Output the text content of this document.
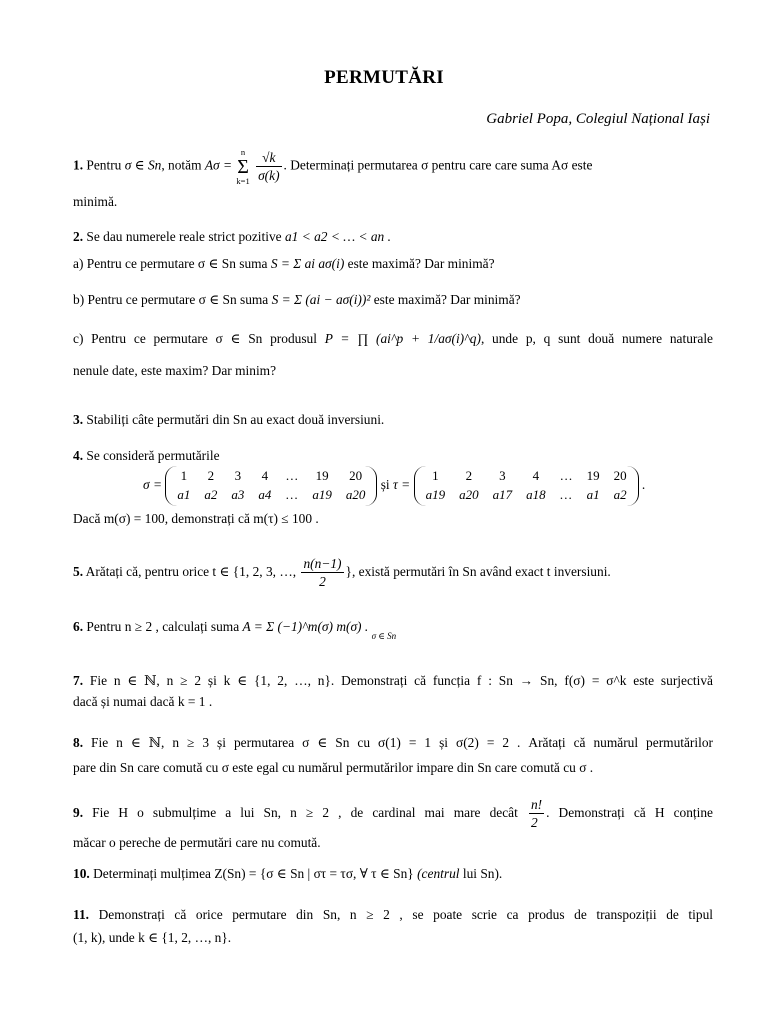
PERMUTĂRI
Gabriel Popa, Colegiul Național Iași
1. Pentru σ ∈ Sn, notăm Aσ =
n
Σ
k=1
$\frac{√k}{\sigma(k)}$ . Determinați permutarea σ pentru care care suma Aσ este
minimă.
2. Se dau numerele reale strict pozitive a1 < a2 < … < an .
a) Pentru ce permutare σ ∈ Sn suma S = Σ ai aσ(i) este maximă? Dar minimă?
b) Pentru ce permutare σ ∈ Sn suma S = Σ (ai − aσ(i))² este maximă? Dar minimă?
c) Pentru ce permutare σ ∈ Sn produsul P = ∏ (ai^p + 1/aσ(i)^q), unde p, q sunt două numere naturale
nenule date, este maxim? Dar minim?
3. Stabiliți câte permutări din Sn au exact două inversiuni.
4. Se consideră permutările
σ = 1	2	3	4	…	19	20
a1	a2	a3	a4	…	a19	a20 și τ = 1	2	3	4	…	19	20
a19	a20	a17	a18	…	a1	a2 .
Dacă m(σ) = 100, demonstrați că m(τ) ≤ 100 .
5. Arătați că, pentru orice t ∈ {1, 2, 3, …, $\frac{n(n-1)}{2}$ }, există permutări în Sn având exact t inversiuni.
6. Pentru n ≥ 2 , calculați suma A = Σ (−1)^m(σ) m(σ) . $_{\sigma \in Sn}$
7. Fie n ∈ ℕ, n ≥ 2 și k ∈ {1, 2, …, n}. Demonstrați că funcția f : Sn → Sn, f(σ) = σ^k este surjectivă
dacă și numai dacă k = 1 .
8. Fie n ∈ ℕ, n ≥ 3 și permutarea σ ∈ Sn cu σ(1) = 1 și σ(2) = 2 . Arătați că numărul permutărilor
pare din Sn care comută cu σ este egal cu numărul permutărilor impare din Sn care comută cu σ .
9. Fie H o submulțime a lui Sn, n ≥ 2 , de cardinal mai mare decât $\frac{n!}{2}$ . Demonstrați că H conține
măcar o pereche de permutări care nu comută.
10. Determinați mulțimea Z(Sn) = {σ ∈ Sn | στ = τσ, ∀ τ ∈ Sn} (centrul lui Sn).
11. Demonstrați că orice permutare din Sn, n ≥ 2 , se poate scrie ca produs de transpoziții de tipul
(1, k), unde k ∈ {1, 2, …, n}.
